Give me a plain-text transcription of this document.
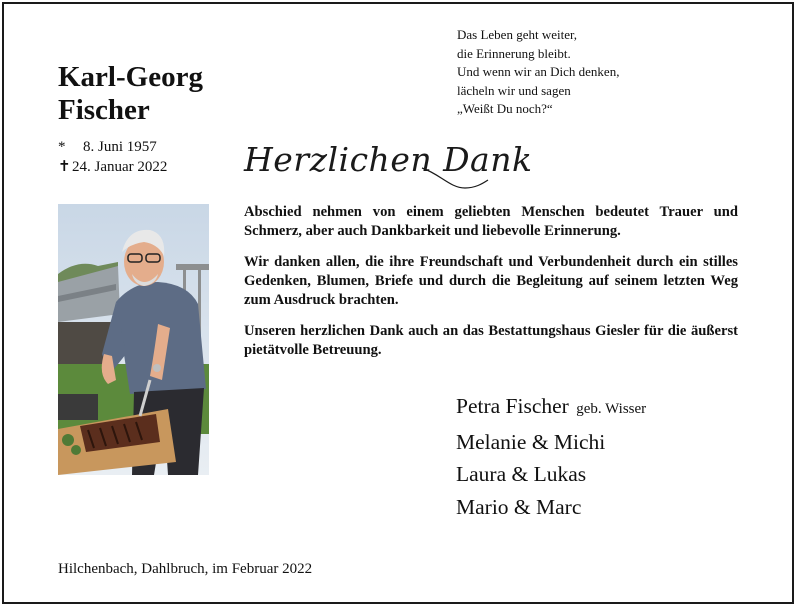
Karl-Georg
Fischer
*	8. Juni 1957
✝ 24. Januar 2022
Das Leben geht weiter,
die Erinnerung bleibt.
Und wenn wir an Dich denken,
lächeln wir und sagen
„Weißt Du noch?“
Herzlichen Dank

Abschied nehmen von einem geliebten Menschen bedeutet Trauer und Schmerz, aber auch Dankbarkeit und liebevolle Erinnerung.

Wir danken allen, die ihre Freundschaft und Verbundenheit durch ein stilles Gedenken, Blumen, Briefe und durch die Begleitung auf seinem letzten Weg zum Ausdruck brachten.

Unseren herzlichen Dank auch an das Bestattungshaus Giesler für die äußerst pietätvolle Betreuung.

Petra Fischer geb. Wisser
Melanie & Michi
Laura & Lukas
Mario & Marc
Hilchenbach, Dahlbruch, im Februar 2022
